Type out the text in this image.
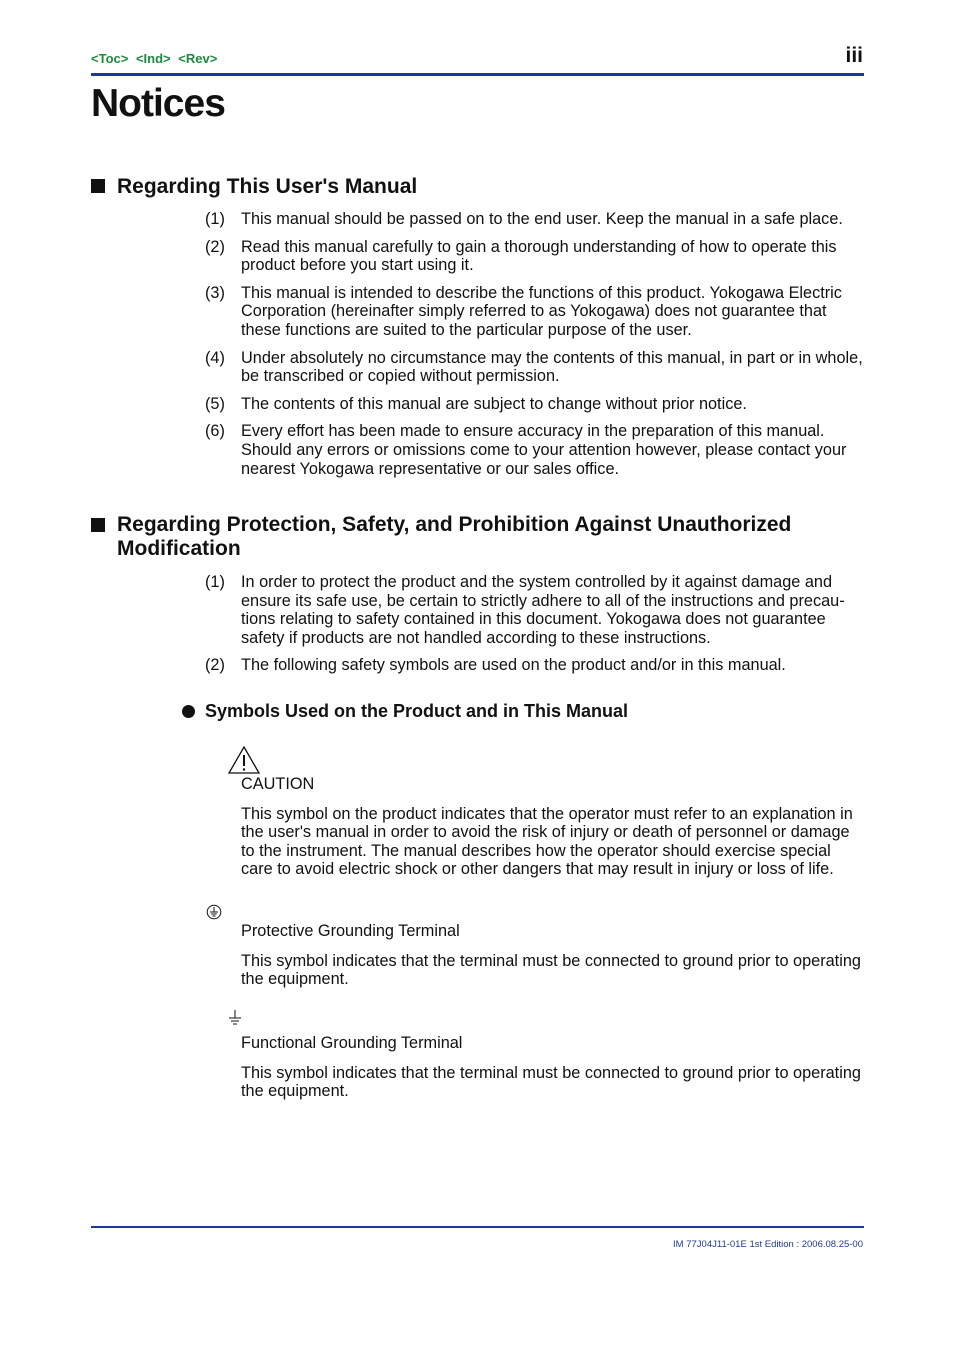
<Toc> <Ind> <Rev>	iii
Notices
Regarding This User's Manual
(1) This manual should be passed on to the end user. Keep the manual in a safe place.
(2) Read this manual carefully to gain a thorough understanding of how to operate this product before you start using it.
(3) This manual is intended to describe the functions of this product. Yokogawa Electric Corporation (hereinafter simply referred to as Yokogawa) does not guarantee that these functions are suited to the particular purpose of the user.
(4) Under absolutely no circumstance may the contents of this manual, in part or in whole, be transcribed or copied without permission.
(5) The contents of this manual are subject to change without prior notice.
(6) Every effort has been made to ensure accuracy in the preparation of this manual. Should any errors or omissions come to your attention however, please contact your nearest Yokogawa representative or our sales office.
Regarding Protection, Safety, and Prohibition Against Unauthorized Modification
(1) In order to protect the product and the system controlled by it against damage and ensure its safe use, be certain to strictly adhere to all of the instructions and precau-tions relating to safety contained in this document. Yokogawa does not guarantee safety if products are not handled according to these instructions.
(2) The following safety symbols are used on the product and/or in this manual.
Symbols Used on the Product and in This Manual
CAUTION
This symbol on the product indicates that the operator must refer to an explanation in the user's manual in order to avoid the risk of injury or death of personnel or damage to the instrument. The manual describes how the operator should exercise special care to avoid electric shock or other dangers that may result in injury or loss of life.
Protective Grounding Terminal
This symbol indicates that the terminal must be connected to ground prior to operating the equipment.
Functional Grounding Terminal
This symbol indicates that the terminal must be connected to ground prior to operating the equipment.
IM 77J04J11-01E 1st Edition : 2006.08.25-00
